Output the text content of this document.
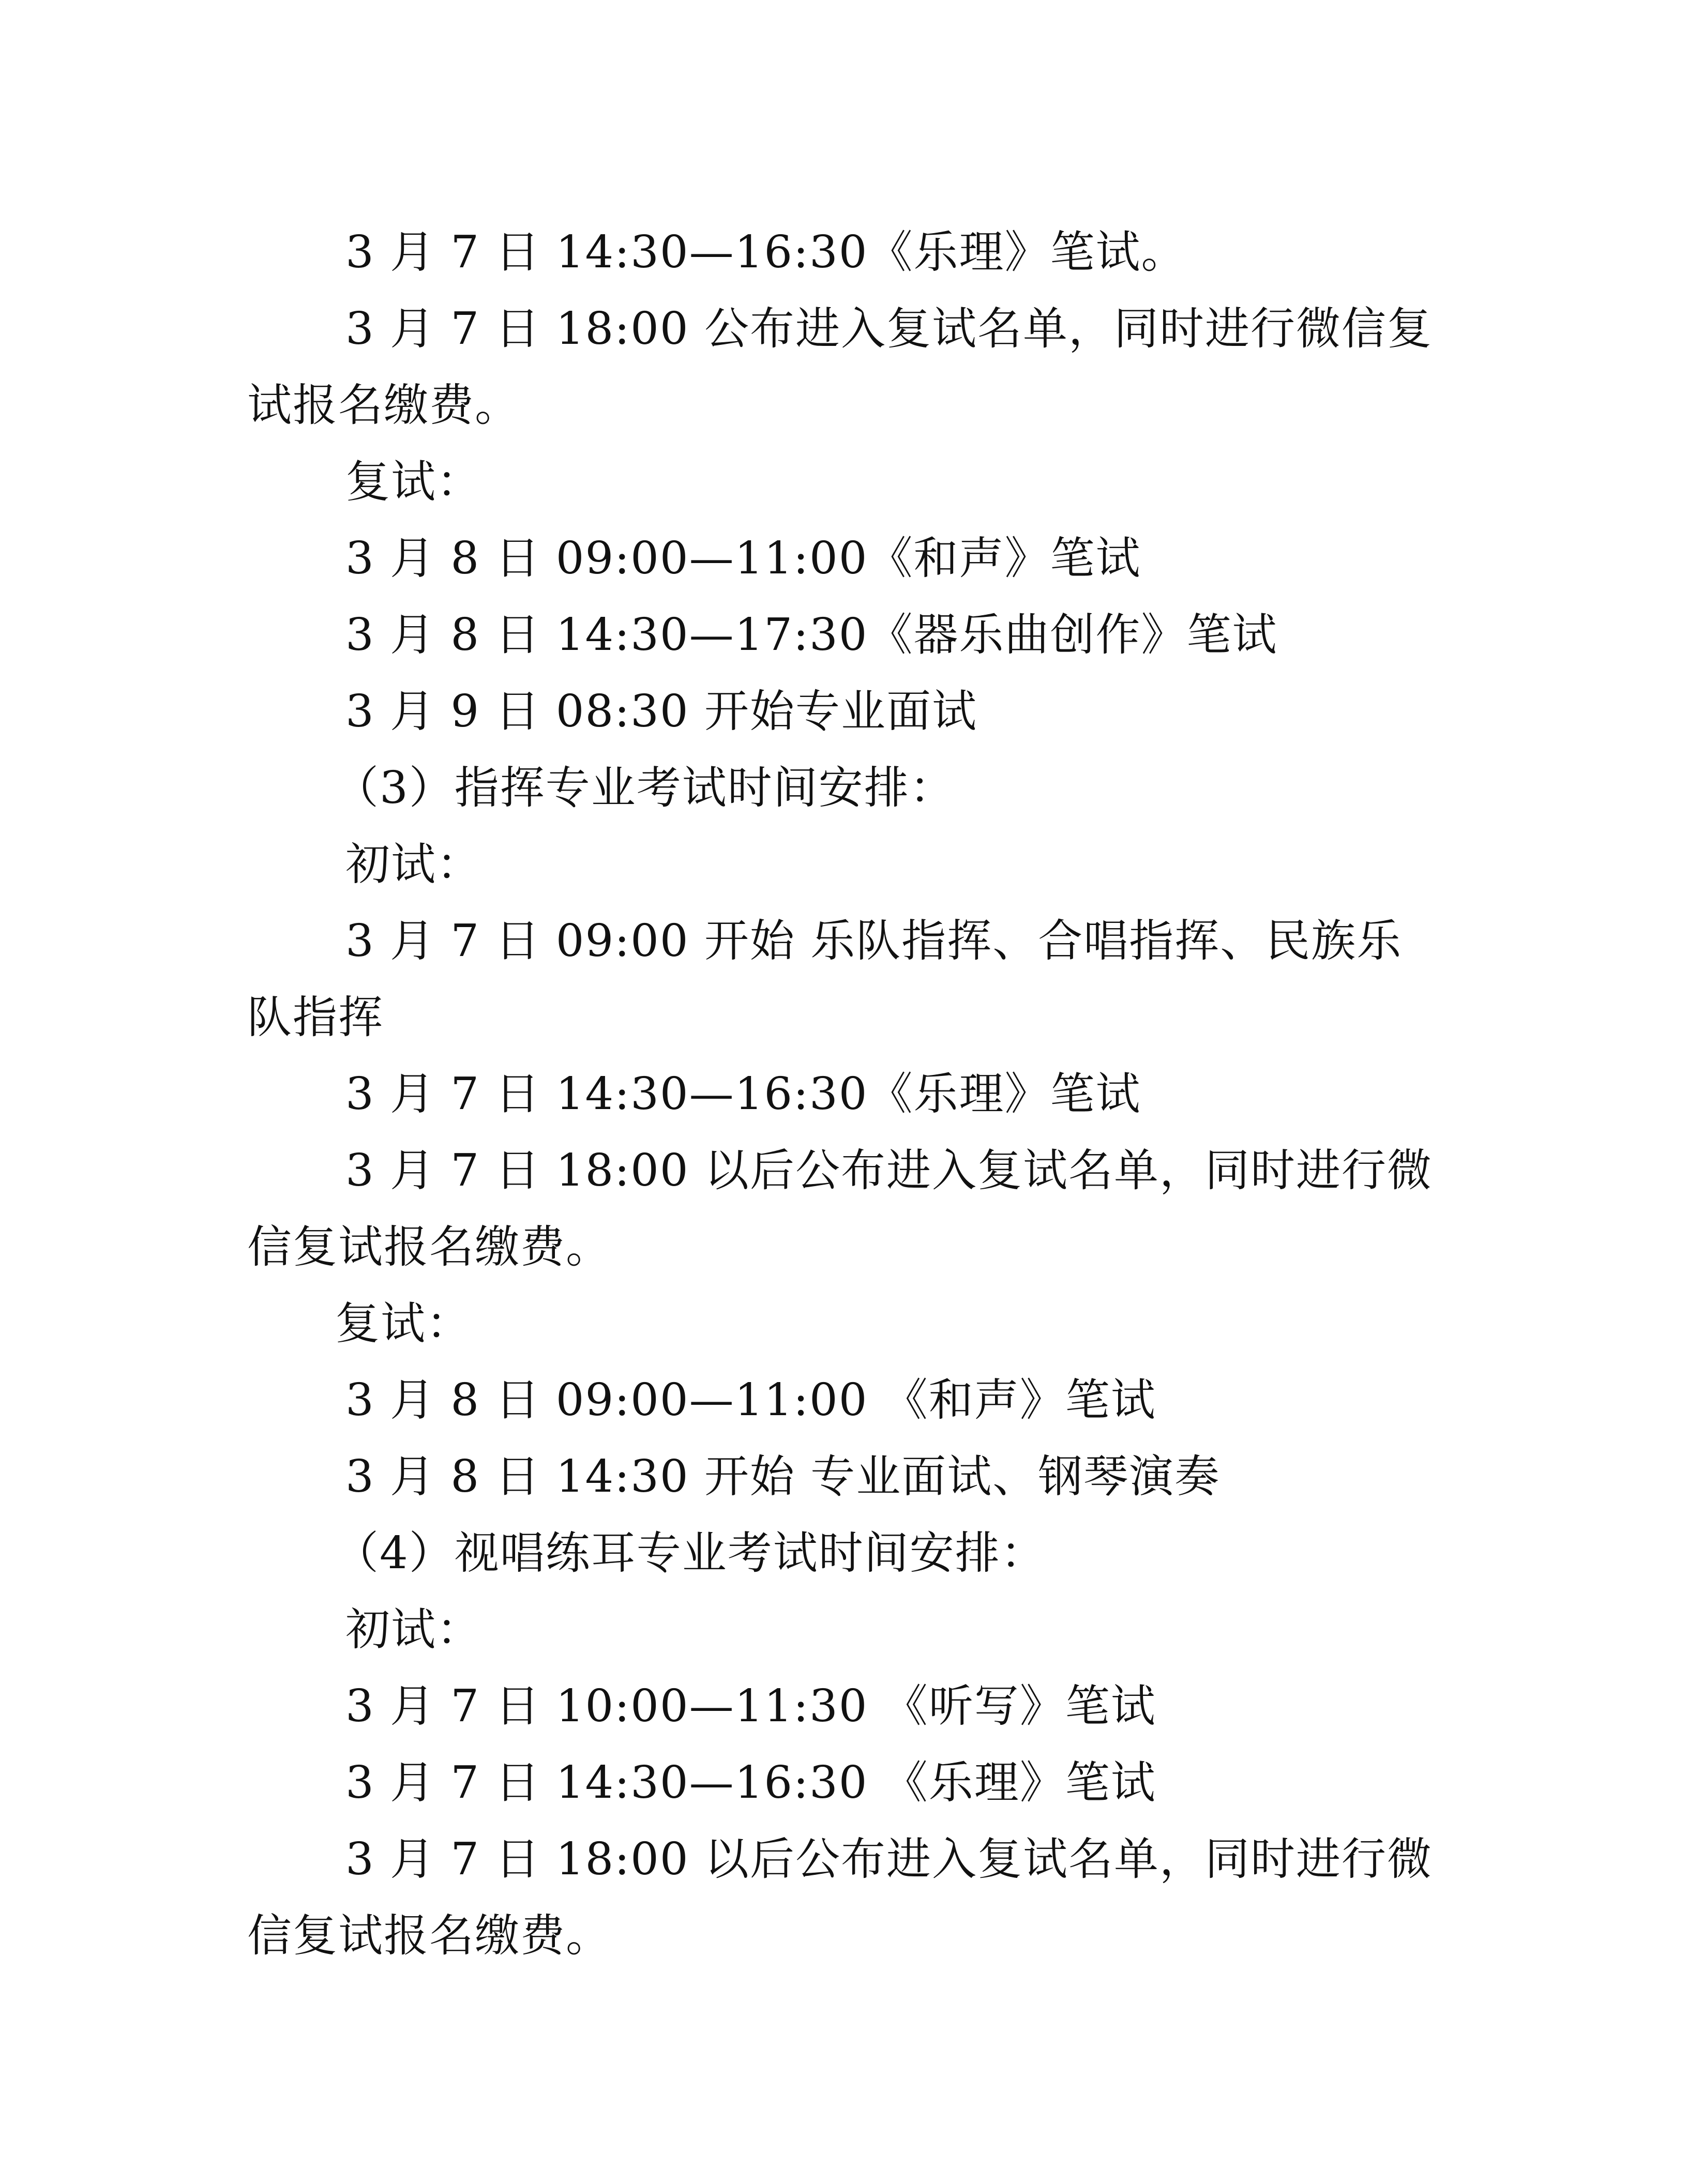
3 月 7 日 14:30—16:30《乐理》笔试。

3 月 7 日 18:00 公布进入复试名单，同时进行微信复试报名缴费。

复试：

3 月 8 日 09:00—11:00《和声》笔试

3 月 8 日 14:30—17:30《器乐曲创作》笔试

3 月 9 日 08:30 开始专业面试

（3）指挥专业考试时间安排：

初试：

3 月 7 日 09:00 开始 乐队指挥、合唱指挥、民族乐队指挥

3 月 7 日 14:30—16:30《乐理》笔试

3 月 7 日 18:00 以后公布进入复试名单，同时进行微信复试报名缴费。

复试：

3 月 8 日 09:00—11:00 《和声》笔试

3 月 8 日 14:30 开始 专业面试、钢琴演奏

（4）视唱练耳专业考试时间安排：

初试：

3 月 7 日 10:00—11:30 《听写》笔试

3 月 7 日 14:30—16:30 《乐理》笔试

3 月 7 日 18:00 以后公布进入复试名单，同时进行微信复试报名缴费。
